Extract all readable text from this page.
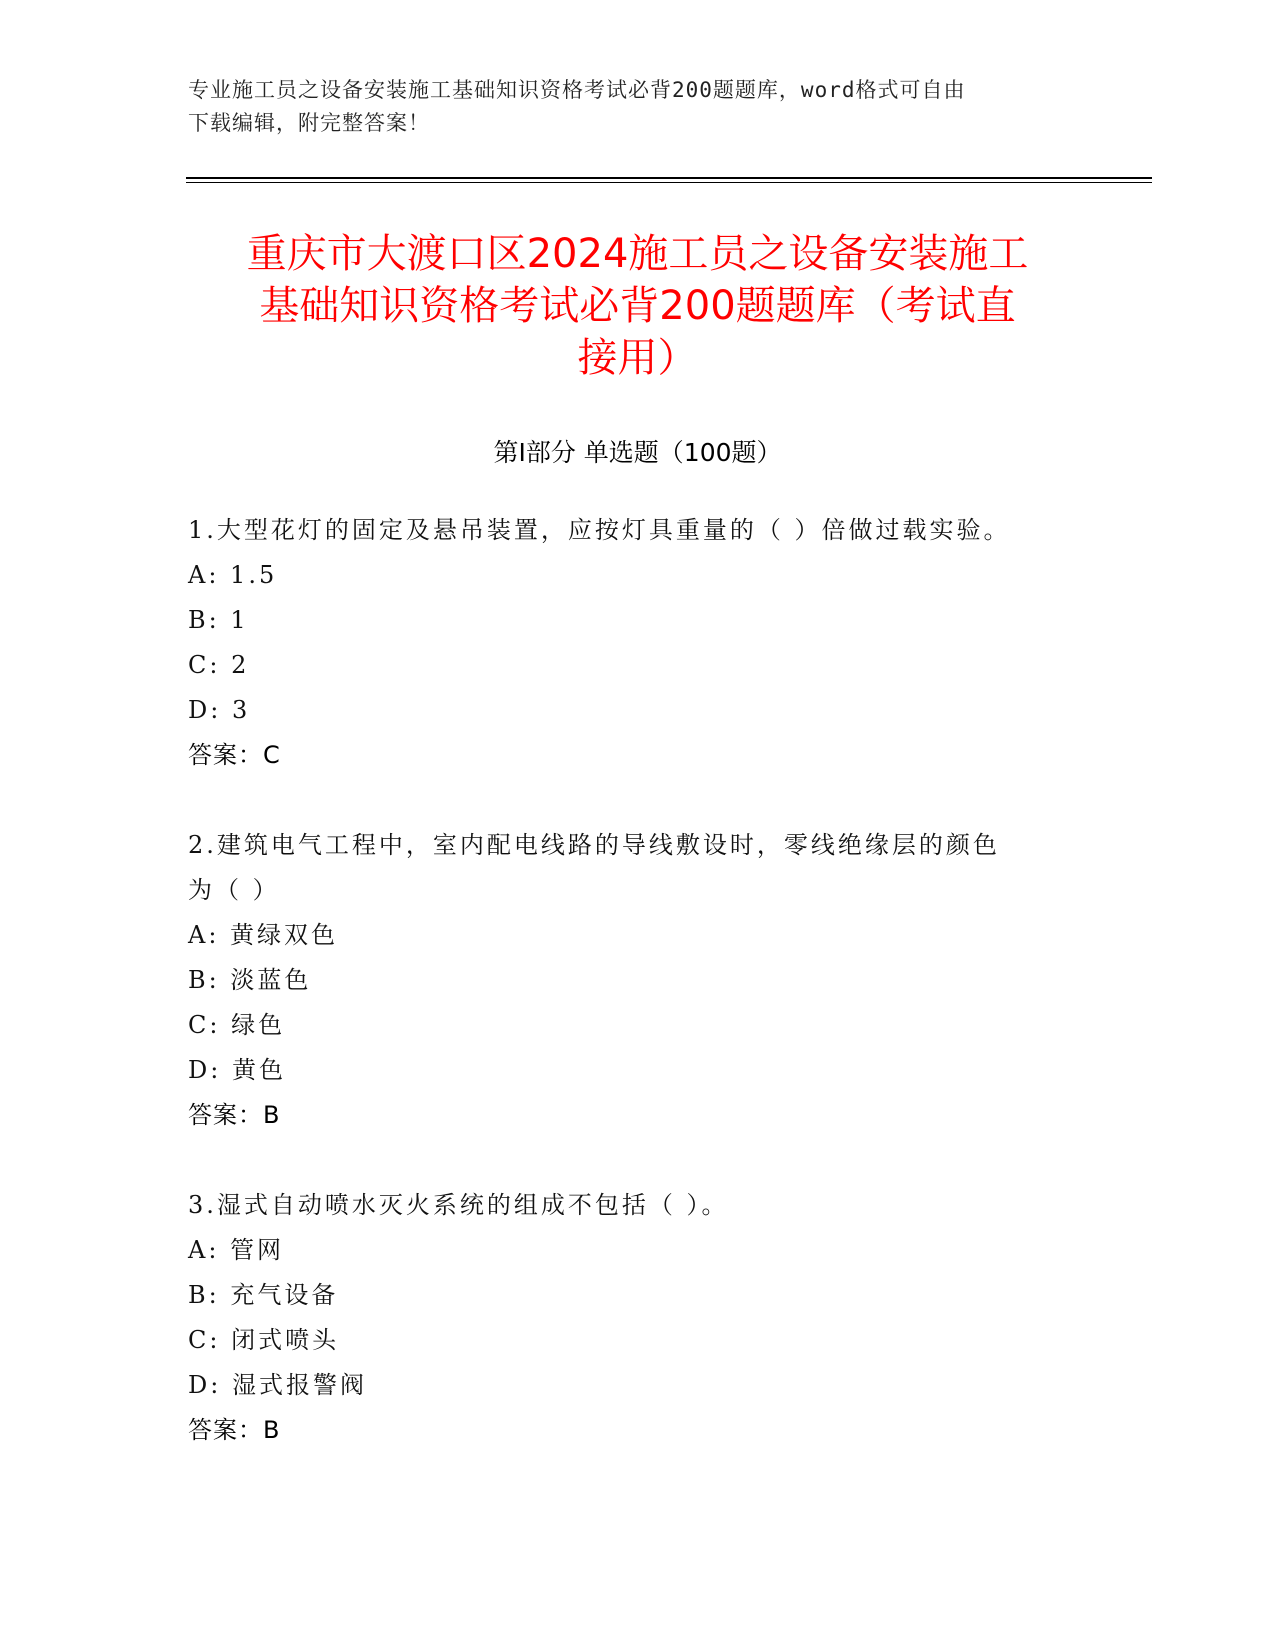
专业施工员之设备安装施工基础知识资格考试必背200题题库，word格式可自由
下载编辑，附完整答案！
重庆市大渡口区2024施工员之设备安装施工
基础知识资格考试必背200题题库（考试直
接用）
第I部分 单选题（100题）
1.大型花灯的固定及悬吊装置，应按灯具重量的（ ）倍做过载实验。
A: 1.5
B: 1
C: 2
D: 3
答案：C
2.建筑电气工程中，室内配电线路的导线敷设时，零线绝缘层的颜色
为（ ）
A: 黄绿双色
B: 淡蓝色
C: 绿色
D: 黄色
答案：B
3.湿式自动喷水灭火系统的组成不包括（ ）。
A: 管网
B: 充气设备
C: 闭式喷头
D: 湿式报警阀
答案：B
